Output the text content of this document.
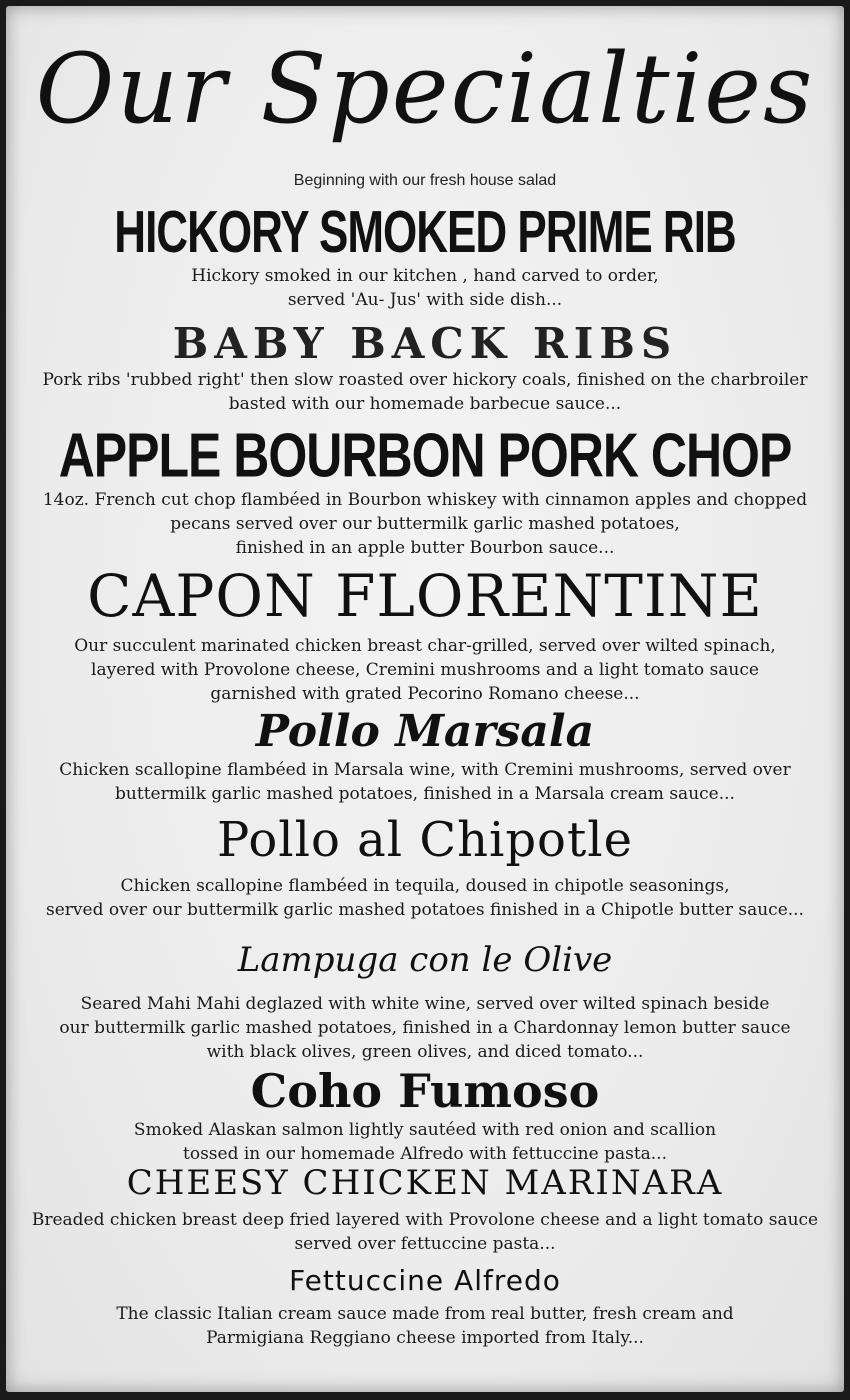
Our Specialties
Beginning with our fresh house salad
HICKORY SMOKED PRIME RIB
Hickory smoked in our kitchen , hand carved to order,
served 'Au- Jus' with side dish...
BABY BACK RIBS
Pork ribs 'rubbed right' then slow roasted over hickory coals, finished on the charbroiler
basted with our homemade barbecue sauce...
APPLE BOURBON PORK CHOP
14oz. French cut chop flambéed in Bourbon whiskey with cinnamon apples and chopped
pecans served over our buttermilk garlic mashed potatoes,
finished in an apple butter Bourbon sauce...
CAPON FLORENTINE
Our succulent marinated chicken breast char-grilled, served over wilted spinach,
layered with Provolone cheese, Cremini mushrooms and a light tomato sauce
garnished with grated Pecorino Romano cheese...
Pollo Marsala
Chicken scallopine flambéed in Marsala wine, with Cremini mushrooms, served over
buttermilk garlic mashed potatoes, finished in a Marsala cream sauce...
Pollo al Chipotle
Chicken scallopine flambéed in tequila, doused in chipotle seasonings,
served over our buttermilk garlic mashed potatoes finished in a Chipotle butter sauce...
Lampuga con le Olive
Seared Mahi Mahi deglazed with white wine, served over wilted spinach beside
our buttermilk garlic mashed potatoes, finished in a Chardonnay lemon butter sauce
with black olives, green olives, and diced tomato...
Coho Fumoso
Smoked Alaskan salmon lightly sautéed with red onion and scallion
tossed in our homemade Alfredo with fettuccine pasta...
CHEESY CHICKEN MARINARA
Breaded chicken breast deep fried layered with Provolone cheese and a light tomato sauce
served over fettuccine pasta...
Fettuccine Alfredo
The classic Italian cream sauce made from real butter, fresh cream and
Parmigiana Reggiano cheese imported from Italy...
